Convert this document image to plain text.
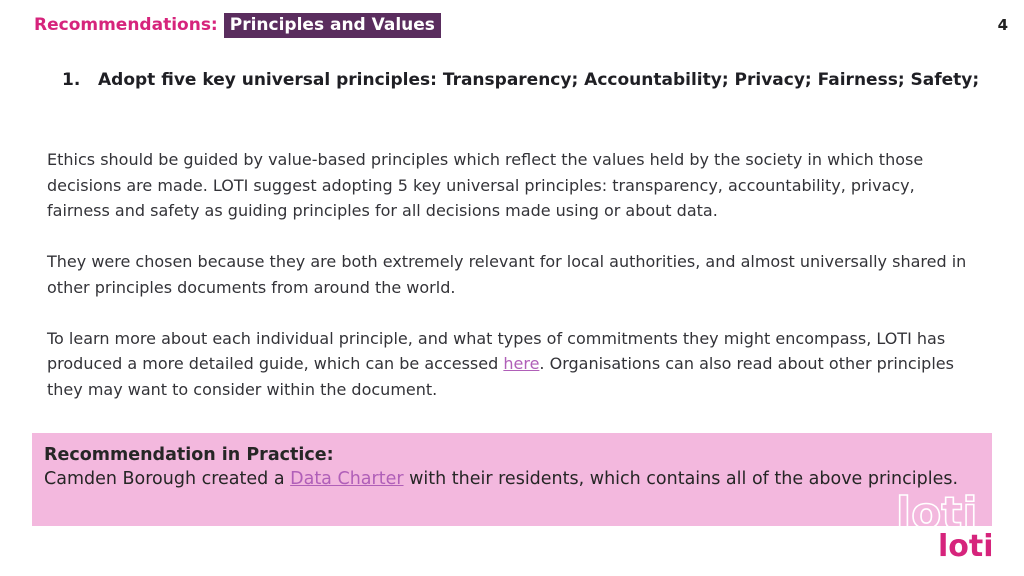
Recommendations: Principles and Values	4
1.	Adopt five key universal principles: Transparency; Accountability; Privacy; Fairness; Safety;

Ethics should be guided by value-based principles which reflect the values held by the society in which those decisions are made. LOTI suggest adopting 5 key universal principles: transparency, accountability, privacy, fairness and safety as guiding principles for all decisions made using or about data.

They were chosen because they are both extremely relevant for local authorities, and almost universally shared in other principles documents from around the world.

To learn more about each individual principle, and what types of commitments they might encompass, LOTI has produced a more detailed guide, which can be accessed here. Organisations can also read about other principles they may want to consider within the document.

Recommendation in Practice:
Camden Borough created a Data Charter with their residents, which contains all of the above principles.
loti
loti
